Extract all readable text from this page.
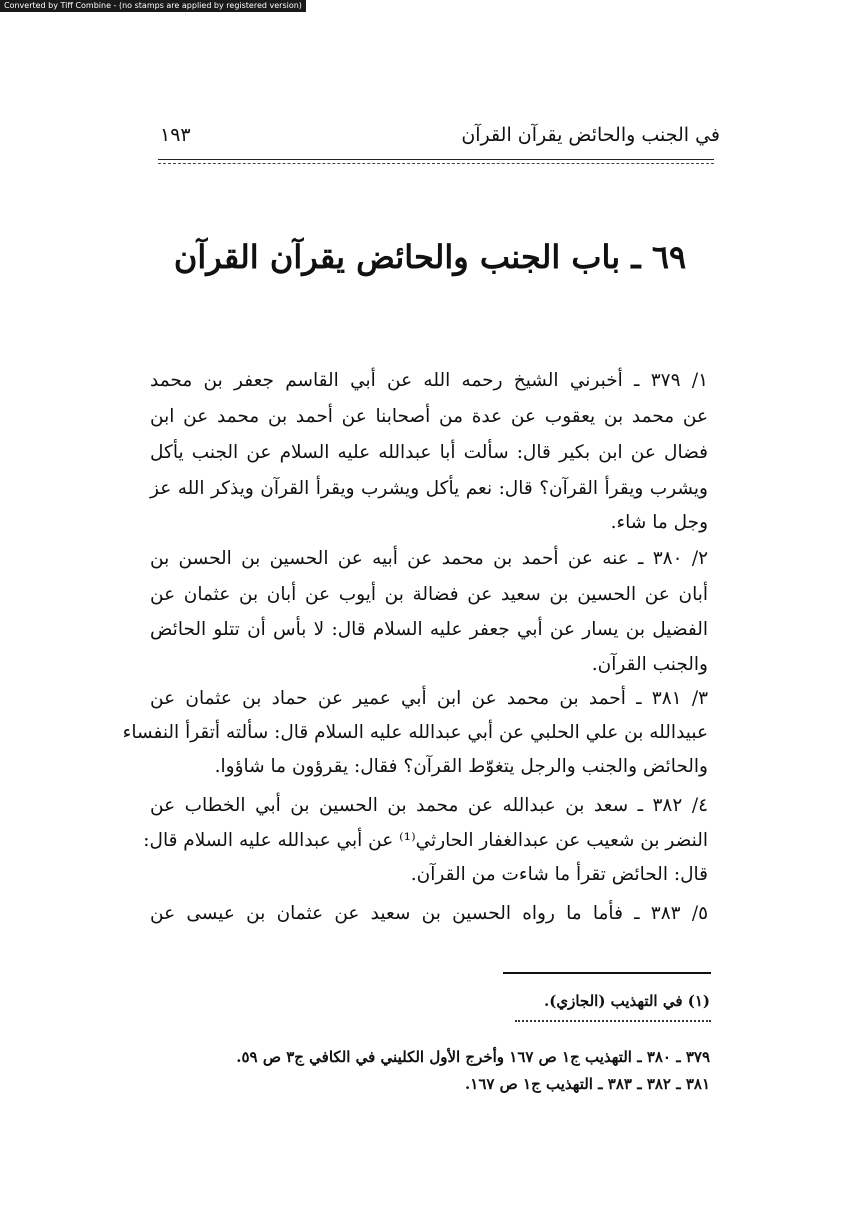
Converted by Tiff Combine - (no stamps are applied by registered version)
في الجنب والحائض يقرآن القرآن
١٩٣
٦٩ ـ باب الجنب والحائض يقرآن القرآن
١/ ٣٧٩ ـ أخبرني الشيخ رحمه الله عن أبي القاسم جعفر بن محمد
عن محمد بن يعقوب عن عدة من أصحابنا عن أحمد بن محمد عن ابن
فضال عن ابن بكير قال: سألت أبا عبدالله عليه السلام عن الجنب يأكل
ويشرب ويقرأ القرآن؟ قال: نعم يأكل ويشرب ويقرأ القرآن ويذكر الله عز
وجل ما شاء.
٢/ ٣٨٠ ـ عنه عن أحمد بن محمد عن أبيه عن الحسين بن الحسن بن
أبان عن الحسين بن سعيد عن فضالة بن أيوب عن أبان بن عثمان عن
الفضيل بن يسار عن أبي جعفر عليه السلام قال: لا بأس أن تتلو الحائض
والجنب القرآن.
٣/ ٣٨١ ـ أحمد بن محمد عن ابن أبي عمير عن حماد بن عثمان عن
عبيدالله بن علي الحلبي عن أبي عبدالله عليه السلام قال: سألته أتقرأ النفساء
والحائض والجنب والرجل يتغوّط القرآن؟ فقال: يقرؤون ما شاؤوا.
٤/ ٣٨٢ ـ سعد بن عبدالله عن محمد بن الحسين بن أبي الخطاب عن
النضر بن شعيب عن عبدالغفار الحارثي⁽¹⁾ عن أبي عبدالله عليه السلام قال:
قال: الحائض تقرأ ما شاءت من القرآن.
٥/ ٣٨٣ ـ فأما ما رواه الحسين بن سعيد عن عثمان بن عيسى عن
(١) في التهذيب (الجازي).
٣٧٩ ـ ٣٨٠ ـ التهذيب ج١ ص ١٦٧ وأخرج الأول الكليني في الكافي ج٣ ص ٥٩.
٣٨١ ـ ٣٨٢ ـ ٣٨٣ ـ التهذيب ج١ ص ١٦٧.
